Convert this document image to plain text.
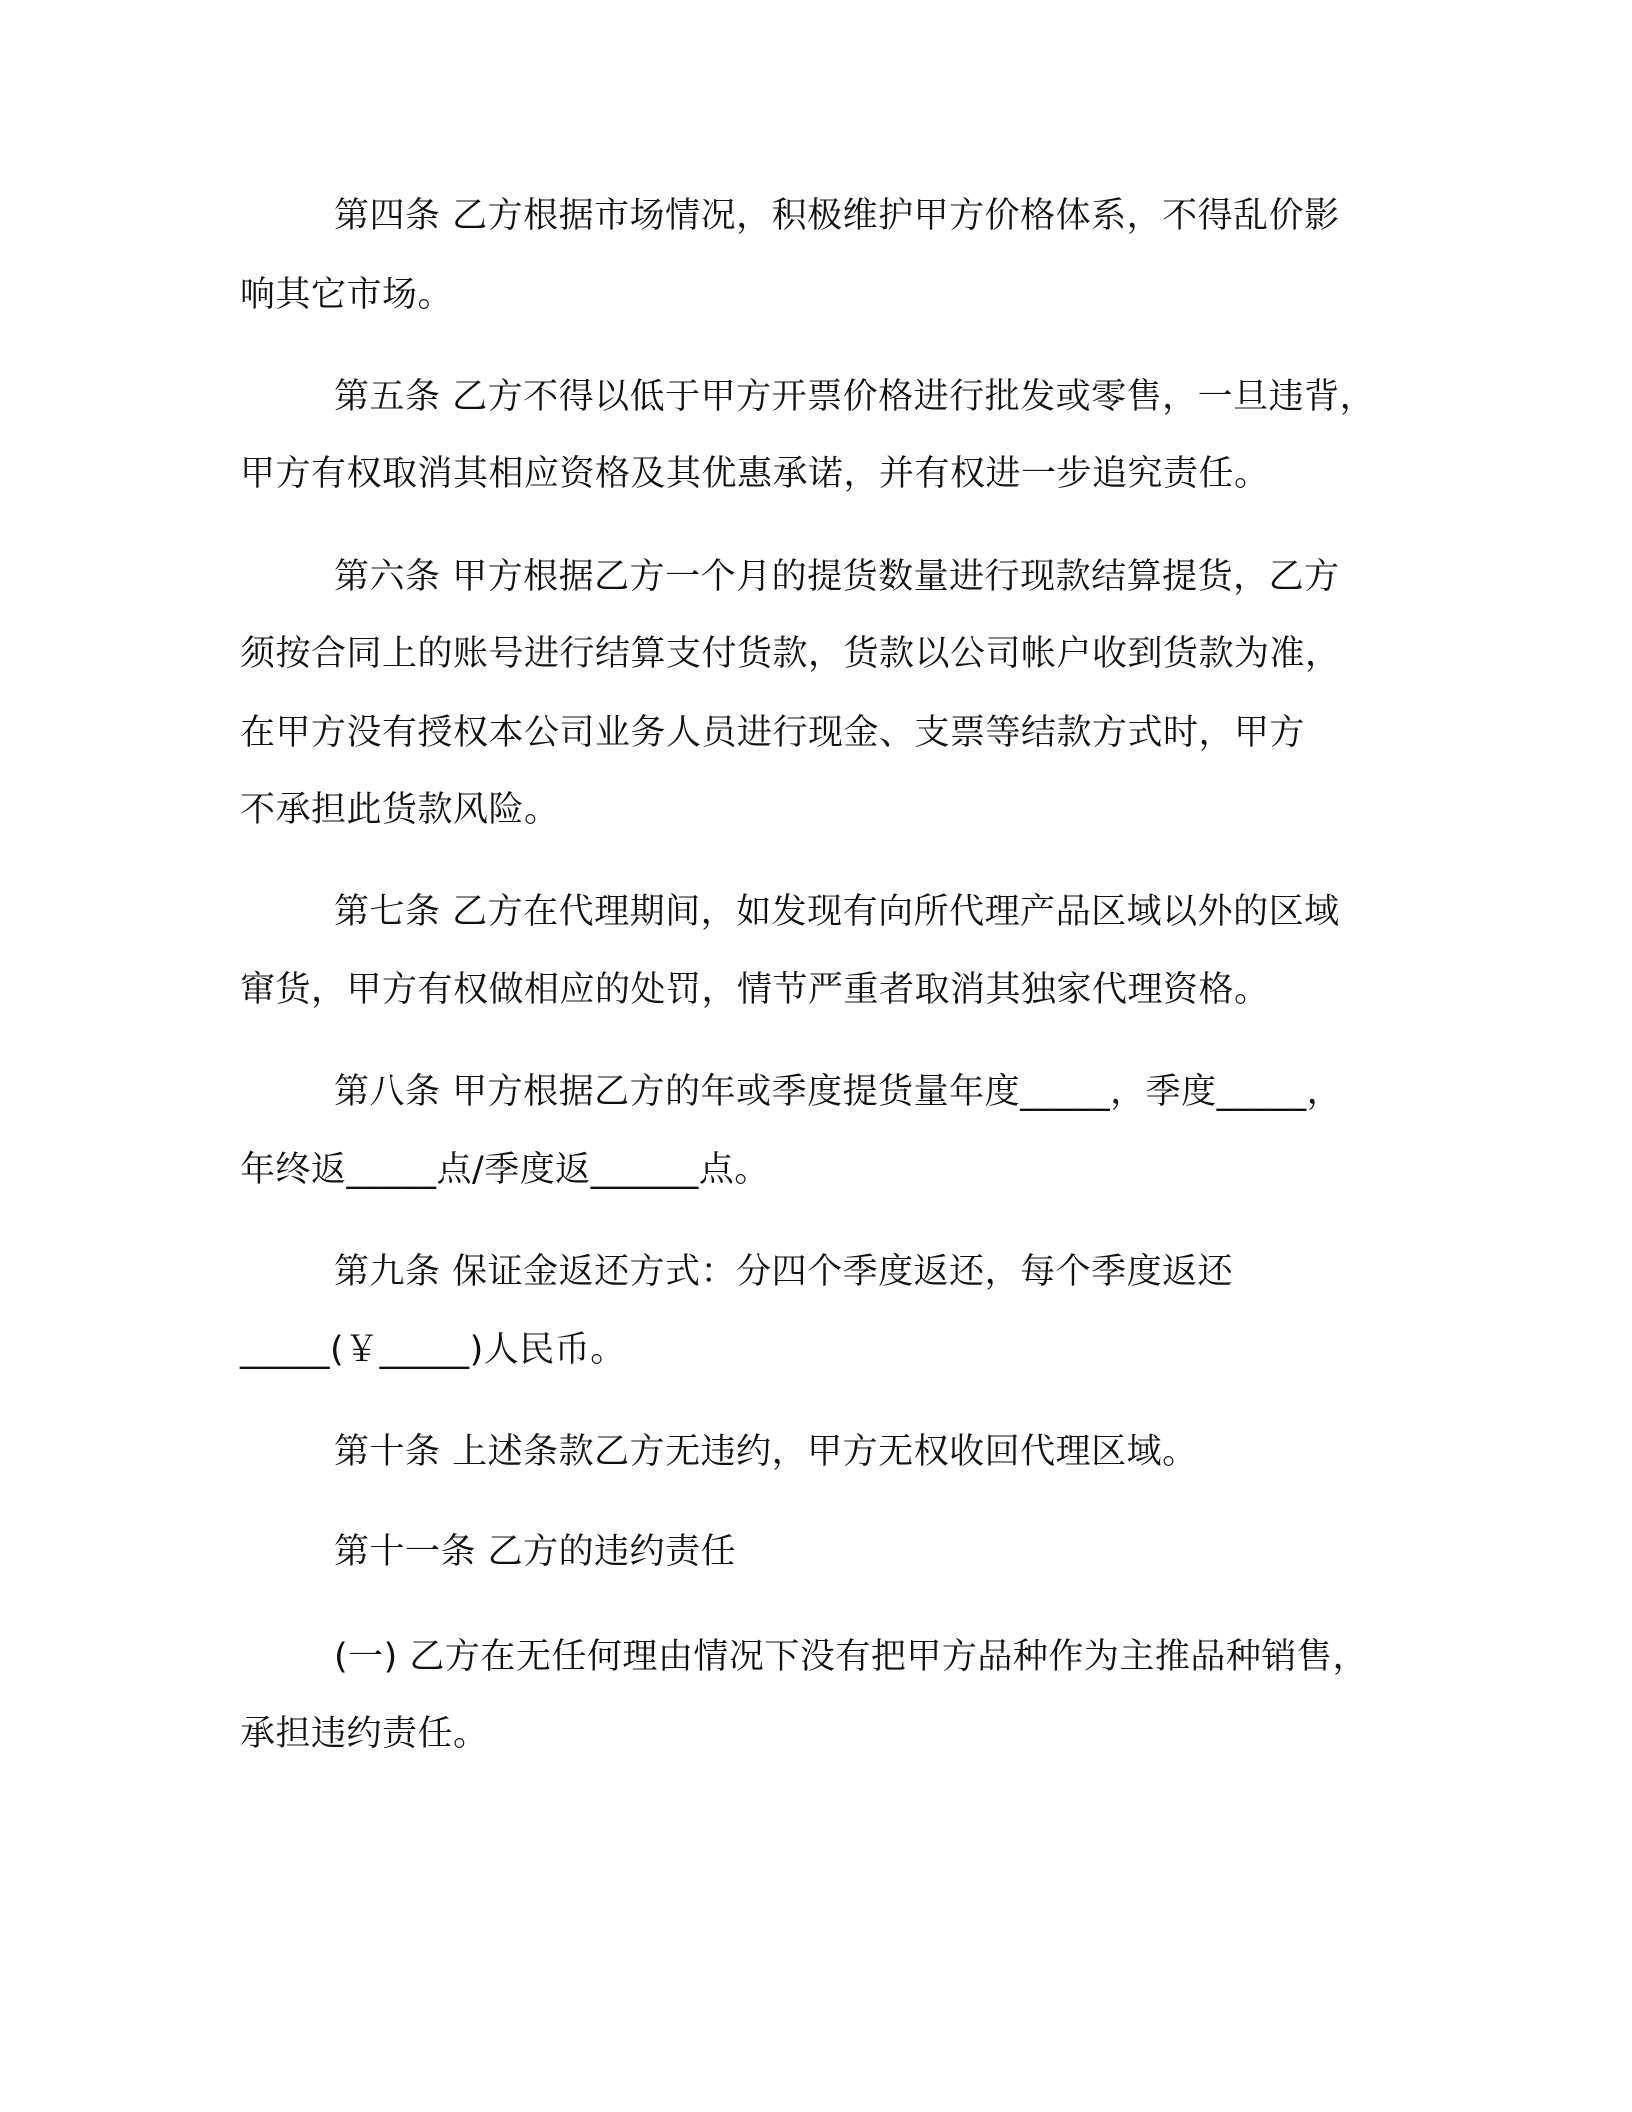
第四条 乙方根据市场情况，积极维护甲方价格体系，不得乱价影
响其它市场。
第五条 乙方不得以低于甲方开票价格进行批发或零售，一旦违背，
甲方有权取消其相应资格及其优惠承诺，并有权进一步追究责任。
第六条 甲方根据乙方一个月的提货数量进行现款结算提货，乙方
须按合同上的账号进行结算支付货款，货款以公司帐户收到货款为准，
在甲方没有授权本公司业务人员进行现金、支票等结款方式时，甲方
不承担此货款风险。
第七条 乙方在代理期间，如发现有向所代理产品区域以外的区域
窜货，甲方有权做相应的处罚，情节严重者取消其独家代理资格。
第八条 甲方根据乙方的年或季度提货量年度_____，季度_____，
年终返_____点/季度返______点。
第九条 保证金返还方式：分四个季度返还，每个季度返还
_____(￥_____)人民币。
第十条 上述条款乙方无违约，甲方无权收回代理区域。
第十一条 乙方的违约责任
(一) 乙方在无任何理由情况下没有把甲方品种作为主推品种销售，
承担违约责任。
